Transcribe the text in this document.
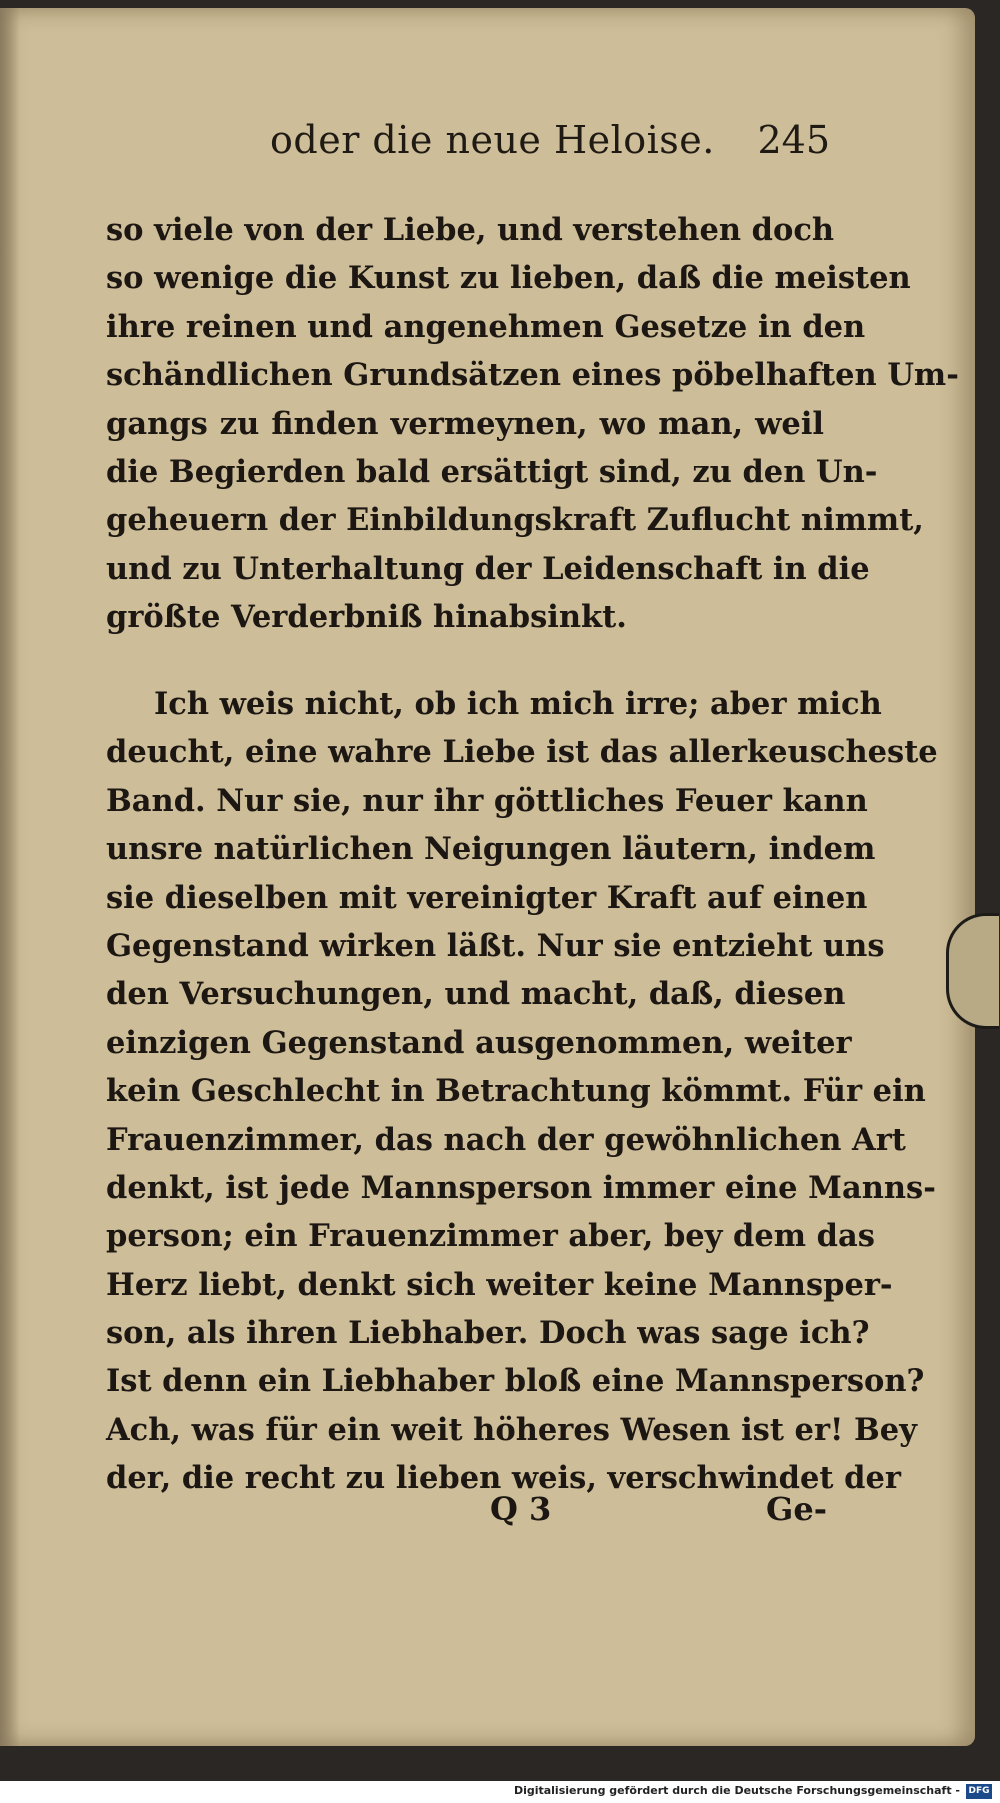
oder die neue Heloise. 245
so viele von der Liebe, und verstehen doch
so wenige die Kunst zu lieben, daß die meisten
ihre reinen und angenehmen Gesetze in den
schändlichen Grundsätzen eines pöbelhaften Um-
gangs zu finden vermeynen, wo man, weil
die Begierden bald ersättigt sind, zu den Un-
geheuern der Einbildungskraft Zuflucht nimmt,
und zu Unterhaltung der Leidenschaft in die
größte Verderbniß hinabsinkt.
Ich weis nicht, ob ich mich irre; aber mich
deucht, eine wahre Liebe ist das allerkeuscheste
Band. Nur sie, nur ihr göttliches Feuer kann
unsre natürlichen Neigungen läutern, indem
sie dieselben mit vereinigter Kraft auf einen
Gegenstand wirken läßt. Nur sie entzieht uns
den Versuchungen, und macht, daß, diesen
einzigen Gegenstand ausgenommen, weiter
kein Geschlecht in Betrachtung kömmt. Für ein
Frauenzimmer, das nach der gewöhnlichen Art
denkt, ist jede Mannsperson immer eine Manns-
person; ein Frauenzimmer aber, bey dem das
Herz liebt, denkt sich weiter keine Mannsper-
son, als ihren Liebhaber. Doch was sage ich?
Ist denn ein Liebhaber bloß eine Mannsperson?
Ach, was für ein weit höheres Wesen ist er! Bey
der, die recht zu lieben weis, verschwindet der
Q 3	Ge-
Digitalisierung gefördert durch die Deutsche Forschungsgemeinschaft - DFG
